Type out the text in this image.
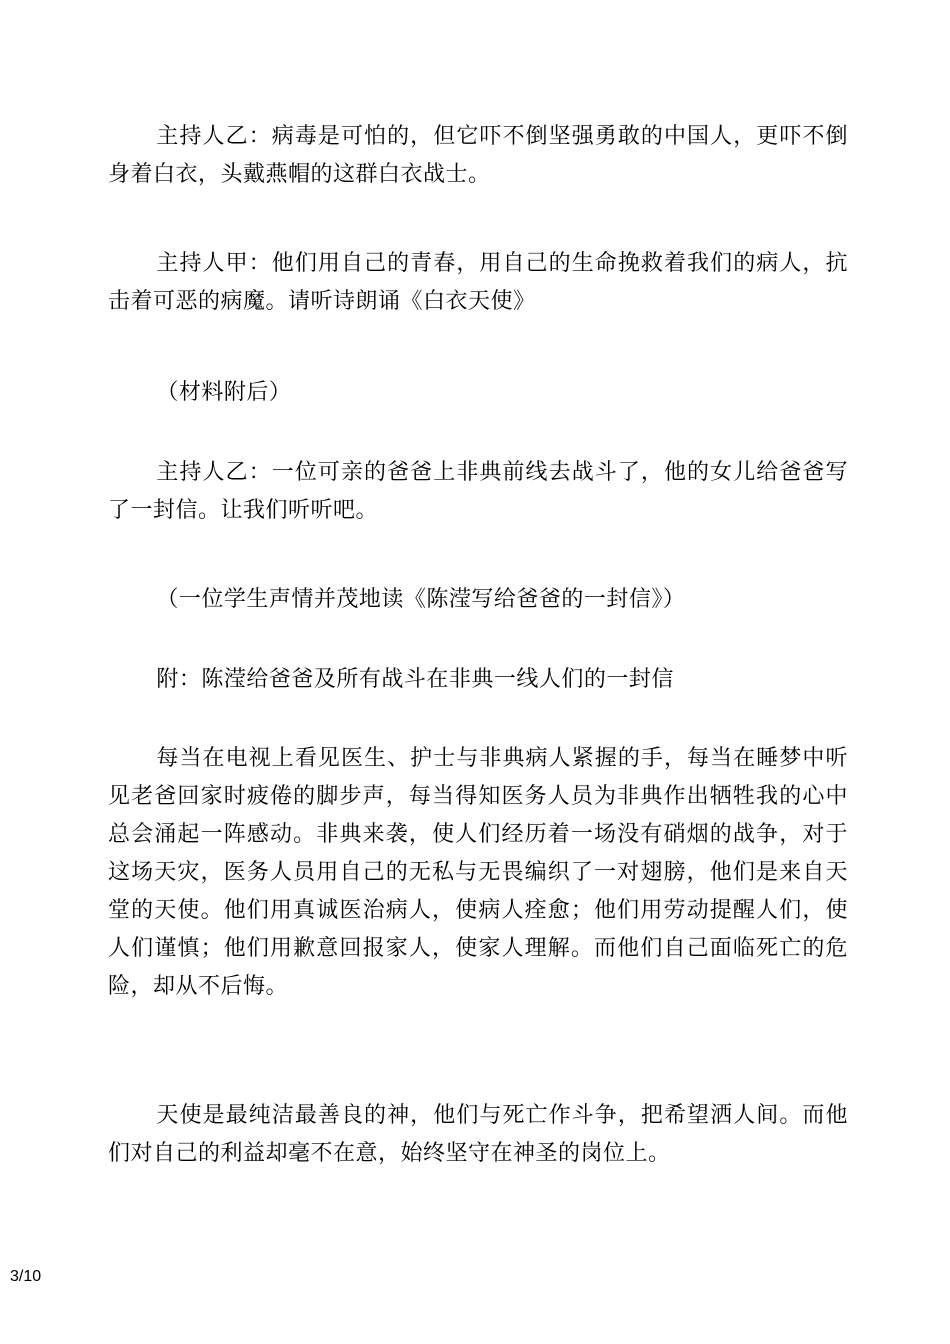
主持人乙：病毒是可怕的，但它吓不倒坚强勇敢的中国人，更吓不倒身着白衣，头戴燕帽的这群白衣战士。

主持人甲：他们用自己的青春，用自己的生命挽救着我们的病人，抗击着可恶的病魔。请听诗朗诵《白衣天使》

（材料附后）

主持人乙：一位可亲的爸爸上非典前线去战斗了，他的女儿给爸爸写了一封信。让我们听听吧。

（一位学生声情并茂地读《陈滢写给爸爸的一封信》）

附：陈滢给爸爸及所有战斗在非典一线人们的一封信

每当在电视上看见医生、护士与非典病人紧握的手，每当在睡梦中听见老爸回家时疲倦的脚步声，每当得知医务人员为非典作出牺牲我的心中总会涌起一阵感动。非典来袭，使人们经历着一场没有硝烟的战争，对于这场天灾，医务人员用自己的无私与无畏编织了一对翅膀，他们是来自天堂的天使。他们用真诚医治病人，使病人痊愈；他们用劳动提醒人们，使人们谨慎；他们用歉意回报家人，使家人理解。而他们自己面临死亡的危险，却从不后悔。

天使是最纯洁最善良的神，他们与死亡作斗争，把希望洒人间。而他们对自己的利益却毫不在意，始终坚守在神圣的岗位上。

3/10
